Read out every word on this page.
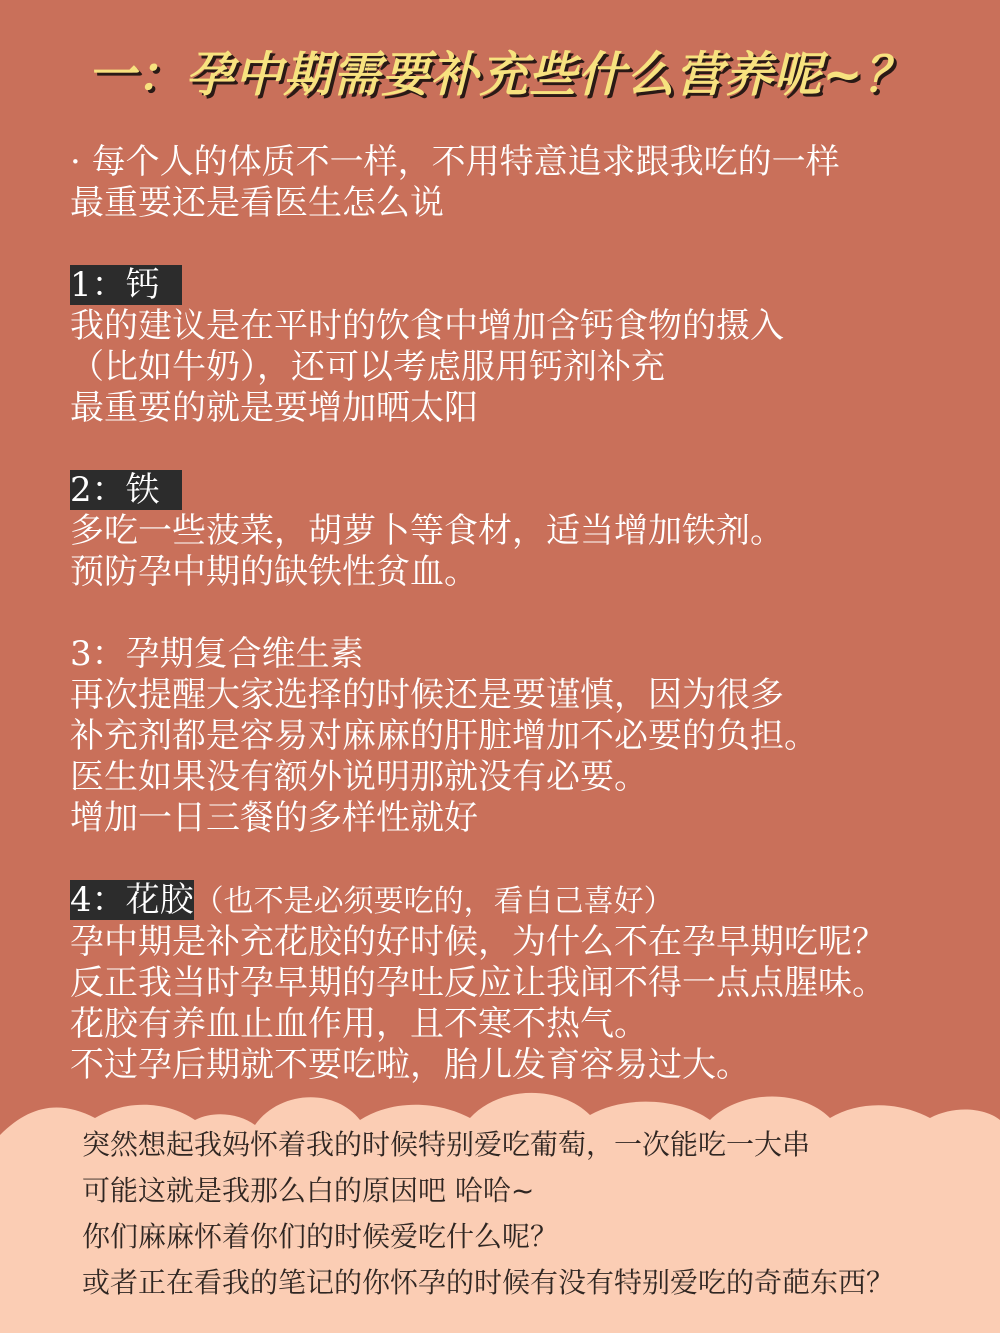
一：孕中期需要补充些什么营养呢~？
· 每个人的体质不一样，不用特意追求跟我吃的一样
最重要还是看医生怎么说
1：钙
我的建议是在平时的饮食中增加含钙食物的摄入
（比如牛奶），还可以考虑服用钙剂补充
最重要的就是要增加晒太阳
2：铁
多吃一些菠菜，胡萝卜等食材，适当增加铁剂。
预防孕中期的缺铁性贫血。
3：孕期复合维生素
再次提醒大家选择的时候还是要谨慎，因为很多
补充剂都是容易对麻麻的肝脏增加不必要的负担。
医生如果没有额外说明那就没有必要。
增加一日三餐的多样性就好
4：花胶（也不是必须要吃的，看自己喜好）
孕中期是补充花胶的好时候，为什么不在孕早期吃呢？
反正我当时孕早期的孕吐反应让我闻不得一点点腥味。
花胶有养血止血作用，且不寒不热气。
不过孕后期就不要吃啦，胎儿发育容易过大。
突然想起我妈怀着我的时候特别爱吃葡萄，一次能吃一大串
可能这就是我那么白的原因吧 哈哈~
你们麻麻怀着你们的时候爱吃什么呢？
或者正在看我的笔记的你怀孕的时候有没有特别爱吃的奇葩东西？
